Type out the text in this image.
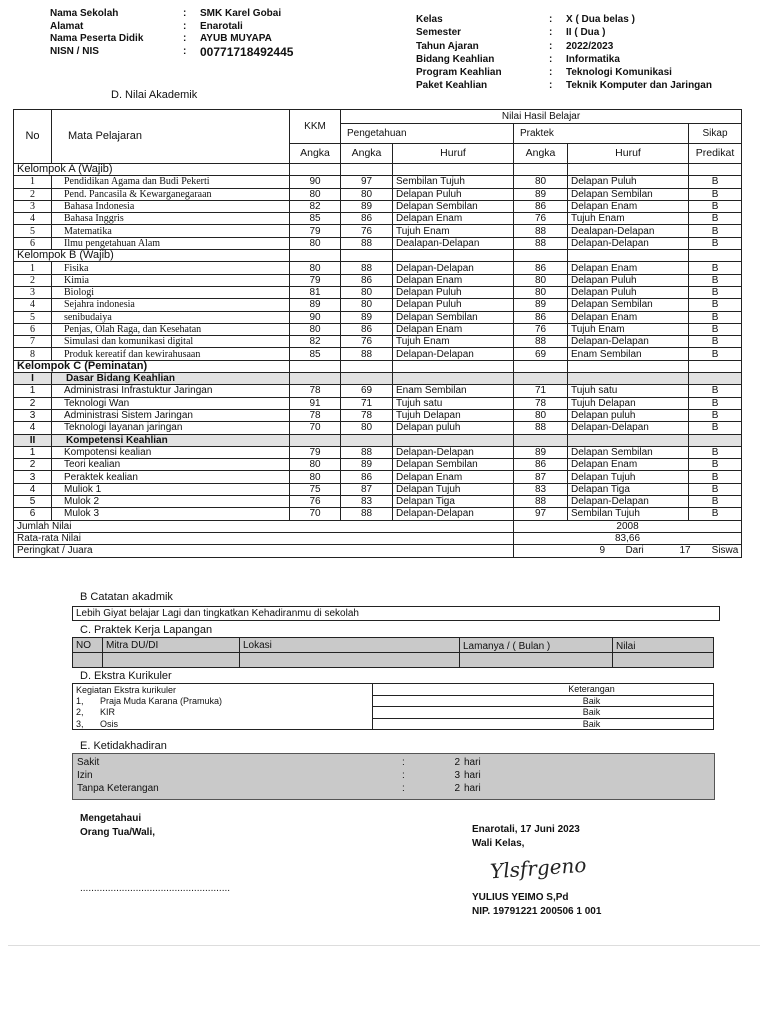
Nama Sekolah	:	SMK Karel Gobai
Alamat	:	Enarotali
Nama Peserta Didik	:	AYUB MUYAPA
NISN / NIS	:	00771718492445
Kelas	:	X ( Dua belas )
Semester	:	II ( Dua )
Tahun Ajaran	:	2022/2023
Bidang Keahlian	:	Informatika
Program Keahlian	:	Teknologi Komunikasi
Paket Keahlian	:	Teknik Komputer dan Jaringan
D. Nilai Akademik
No	Mata Pelajaran	KKM	Nilai Hasil Belajar				
			Pengetahuan		Praktek		Sikap
		Angka	Angka	Huruf	Angka	Huruf	Predikat
Kelompok A (Wajib)							
1	Pendidikan Agama dan Budi Pekerti	90	97	Sembilan Tujuh	80	Delapan Puluh	B
2	Pend. Pancasila & Kewarganegaraan	80	80	Delapan Puluh	89	Delapan Sembilan	B
3	Bahasa Indonesia	82	89	Delapan Sembilan	86	Delapan Enam	B
4	Bahasa Inggris	85	86	Delapan Enam	76	Tujuh Enam	B
5	Matematika	79	76	Tujuh Enam	88	Dealapan-Delapan	B
6	Ilmu pengetahuan Alam	80	88	Dealapan-Delapan	88	Delapan-Delapan	B
Kelompok B (Wajib)							
1	Fisika	80	88	Delapan-Delapan	86	Delapan Enam	B
2	Kimia	79	86	Delapan Enam	80	Delapan Puluh	B
3	Biologi	81	80	Delapan Puluh	80	Delapan Puluh	B
4	Sejahra indonesia	89	80	Delapan Puluh	89	Delapan Sembilan	B
5	senibudaiya	90	89	Delapan Sembilan	86	Delapan Enam	B
6	Penjas, Olah Raga, dan Kesehatan	80	86	Delapan Enam	76	Tujuh Enam	B
7	Simulasi dan komunikasi digital	82	76	Tujuh Enam	88	Delapan-Delapan	B
8	Produk kereatif dan kewirahusaan	85	88	Delapan-Delapan	69	Enam Sembilan	B
Kelompok C (Peminatan)							
I	Dasar Bidang Keahlian						
1	Administrasi Infrastuktur Jaringan	78	69	Enam Sembilan	71	Tujuh satu	B
2	Teknologi Wan	91	71	Tujuh satu	78	Tujuh Delapan	B
3	Administrasi Sistem Jaringan	78	78	Tujuh Delapan	80	Delapan puluh	B
4	Teknologi layanan jaringan	70	80	Delapan puluh	88	Delapan-Delapan	B
II	Kompetensi Keahlian						
1	Kompotensi kealian	79	88	Delapan-Delapan	89	Delapan Sembilan	B
2	Teori kealian	80	89	Delapan Sembilan	86	Delapan Enam	B
3	Peraktek kealian	80	86	Delapan Enam	87	Delapan Tujuh	B
4	Muliok 1	75	87	Delapan Tujuh	83	Delapan Tiga	B
5	Mulok 2	76	83	Delapan Tiga	88	Delapan-Delapan	B
6	Mulok 3	70	88	Delapan-Delapan	97	Sembilan Tujuh	B
Jumlah Nilai					2008		
Rata-rata Nilai					83,66		
Peringkat / Juara					9 Dari 17 Siswa		
B Catatan akadmik
Lebih Giyat belajar Lagi dan tingkatkan Kehadiranmu di sekolah
C. Praktek Kerja Lapangan
NO	Mitra DU/DI	Lokasi	Lamanya / ( Bulan )	Nilai

D. Ekstra Kurikuler
Kegiatan Ekstra kurikuler	Keterangan
1, Praja Muda Karana (Pramuka)	Baik
2, KIR	Baik
3, Osis	Baik
E. Ketidakhadiran
Sakit	:	2 hari
Izin	:	3 hari
Tanpa Keterangan	:	2 hari
Mengetahaui
Orang Tua/Wali,
......................................................
Enarotali, 17 Juni 2023
Wali Kelas,
Ylsfrgeno
YULIUS YEIMO S,Pd
NIP. 19791221 200506 1 001
